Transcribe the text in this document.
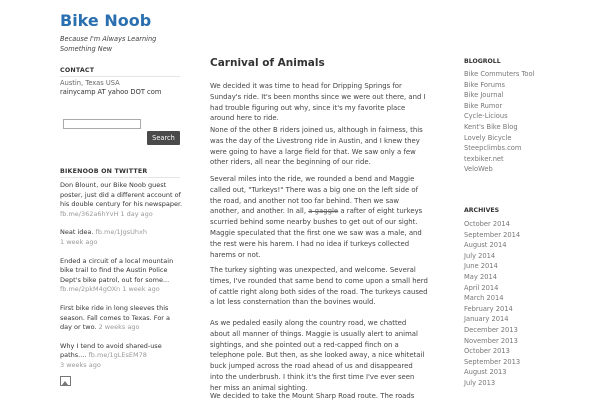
Bike Noob
Because I'm Always Learning Something New
CONTACT
Austin, Texas USA
rainycamp AT yahoo DOT com
Search
BIKENOOB ON TWITTER
Don Blount, our Bike Noob guest poster, just did a different account of his double century for his newspaper. fb.me/362a6hYvH 1 day ago
Neat idea. fb.me/1JgsUhxh
1 week ago
Ended a circuit of a local mountain bike trail to find the Austin Police Dept's bike patrol, out for some... fb.me/2pkM4gOXn 1 week ago
First bike ride in long sleeves this season. Fall comes to Texas. For a day or two. 2 weeks ago
Why I tend to avoid shared-use paths.... fb.me/1gLEsEM78
3 weeks ago
Carnival of Animals
We decided it was time to head for Dripping Springs for Sunday's ride. It's been months since we were out there, and I had trouble figuring out why, since it's my favorite place around here to ride.
None of the other B riders joined us, although in fairness, this was the day of the Livestrong ride in Austin, and I knew they were going to have a large field for that. We saw only a few other riders, all near the beginning of our ride.
Several miles into the ride, we rounded a bend and Maggie called out, "Turkeys!" There was a big one on the left side of the road, and another not too far behind. Then we saw another, and another. In all, a gaggle a rafter of eight turkeys scurried behind some nearby bushes to get out of our sight. Maggie speculated that the first one we saw was a male, and the rest were his harem. I had no idea if turkeys collected harems or not.
The turkey sighting was unexpected, and welcome. Several times, I've rounded that same bend to come upon a small herd of cattle right along both sides of the road. The turkeys caused a lot less consternation than the bovines would.
As we pedaled easily along the country road, we chatted about all manner of things. Maggie is usually alert to animal sightings, and she pointed out a red-capped finch on a telephone pole. But then, as she looked away, a nice whitetail buck jumped across the road ahead of us and disappeared into the underbrush. I think it's the first time I've ever seen her miss an animal sighting.
We decided to take the Mount Sharp Road route. The roads
BLOGROLL
Bike Commuters Tool
Bike Forums
Bike Journal
Bike Rumor
Cycle-Licious
Kent's Bike Blog
Lovely Bicycle
Steepclimbs.com
texbiker.net
VeloWeb
ARCHIVES
October 2014
September 2014
August 2014
July 2014
June 2014
May 2014
April 2014
March 2014
February 2014
January 2014
December 2013
November 2013
October 2013
September 2013
August 2013
July 2013
